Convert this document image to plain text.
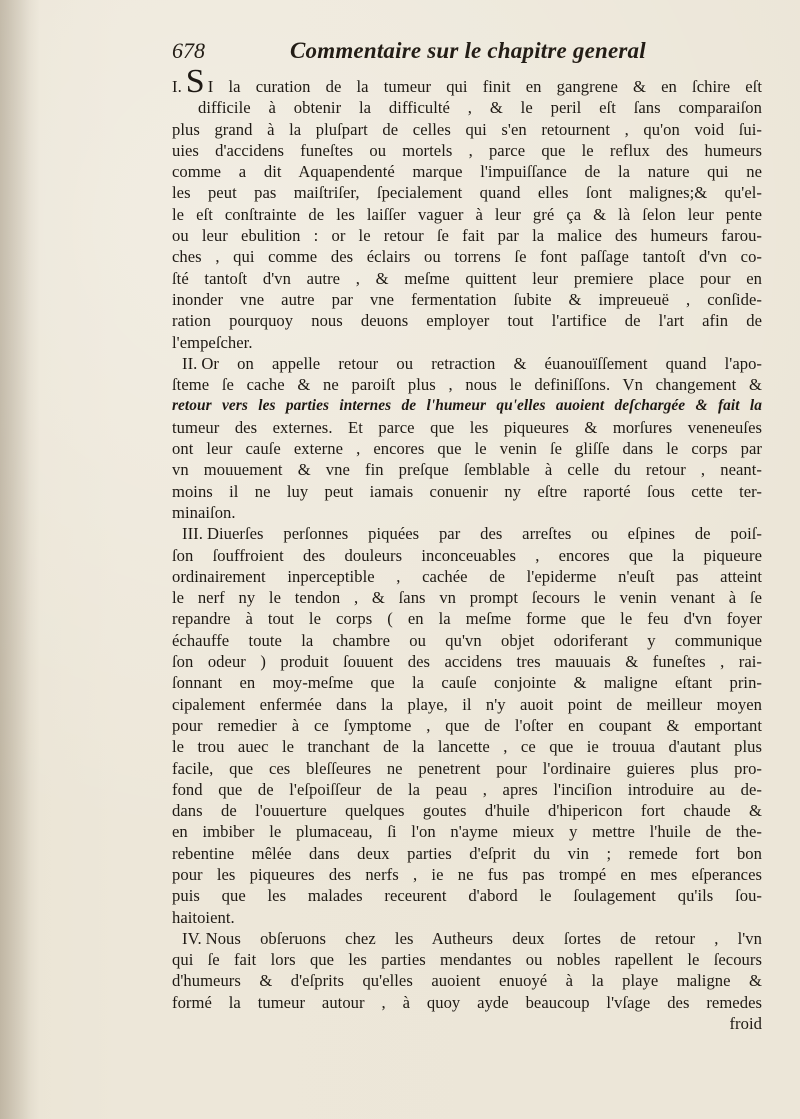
678	Commentaire sur le chapitre general
I. S I la curation de la tumeur qui finit en gangrene & en ſchire eſt
difficile à obtenir la difficulté , & le peril eſt ſans comparaiſon
plus grand à la pluſpart de celles qui s'en retournent , qu'on void ſui-
uies d'accidens funeſtes ou mortels , parce que le reflux des humeurs
comme a dit Aquapendenté marque l'impuiſſance de la nature qui ne
les peut pas maiſtriſer, ſpecialement quand elles ſont malignes;& qu'el-
le eſt conſtrainte de les laiſſer vaguer à leur gré ça & là ſelon leur pente
ou leur ebulition : or le retour ſe fait par la malice des humeurs farou-
ches , qui comme des éclairs ou torrens ſe font paſſage tantoſt d'vn co-
ſté tantoſt d'vn autre , & meſme quittent leur premiere place pour en
inonder vne autre par vne fermentation ſubite & impreueuë , conſide-
ration pourquoy nous deuons employer tout l'artifice de l'art afin de
l'empeſcher.
II. Or on appelle retour ou retraction & éuanouïſſement quand l'apo-
ſteme ſe cache & ne paroiſt plus , nous le definiſſons. Vn changement &
retour vers les parties internes de l'humeur qu'elles auoient deſchargée & fait la
tumeur des externes. Et parce que les piqueures & morſures veneneuſes
ont leur cauſe externe , encores que le venin ſe gliſſe dans le corps par
vn mouuement & vne fin preſque ſemblable à celle du retour , neant-
moins il ne luy peut iamais conuenir ny eſtre raporté ſous cette ter-
minaiſon.
III. Diuerſes perſonnes piquées par des arreſtes ou eſpines de poiſ-
ſon ſouffroient des douleurs inconceuables , encores que la piqueure
ordinairement inperceptible , cachée de l'epiderme n'euſt pas atteint
le nerf ny le tendon , & ſans vn prompt ſecours le venin venant à ſe
repandre à tout le corps ( en la meſme forme que le feu d'vn foyer
échauffe toute la chambre ou qu'vn objet odoriferant y communique
ſon odeur ) produit ſouuent des accidens tres mauuais & funeſtes , rai-
ſonnant en moy-meſme que la cauſe conjointe & maligne eſtant prin-
cipalement enfermée dans la playe, il n'y auoit point de meilleur moyen
pour remedier à ce ſymptome , que de l'oſter en coupant & emportant
le trou auec le tranchant de la lancette , ce que ie trouua d'autant plus
facile, que ces bleſſeures ne penetrent pour l'ordinaire guieres plus pro-
fond que de l'eſpoiſſeur de la peau , apres l'inciſion introduire au de-
dans de l'ouuerture quelques goutes d'huile d'hipericon fort chaude &
en imbiber le plumaceau, ſi l'on n'ayme mieux y mettre l'huile de the-
rebentine mêlée dans deux parties d'eſprit du vin ; remede fort bon
pour les piqueures des nerfs , ie ne fus pas trompé en mes eſperances
puis que les malades receurent d'abord le ſoulagement qu'ils ſou-
haitoient.
IV. Nous obſeruons chez les Autheurs deux ſortes de retour , l'vn
qui ſe fait lors que les parties mendantes ou nobles rapellent le ſecours
d'humeurs & d'eſprits qu'elles auoient enuoyé à la playe maligne &
formé la tumeur autour , à quoy ayde beaucoup l'vſage des remedes
froid
